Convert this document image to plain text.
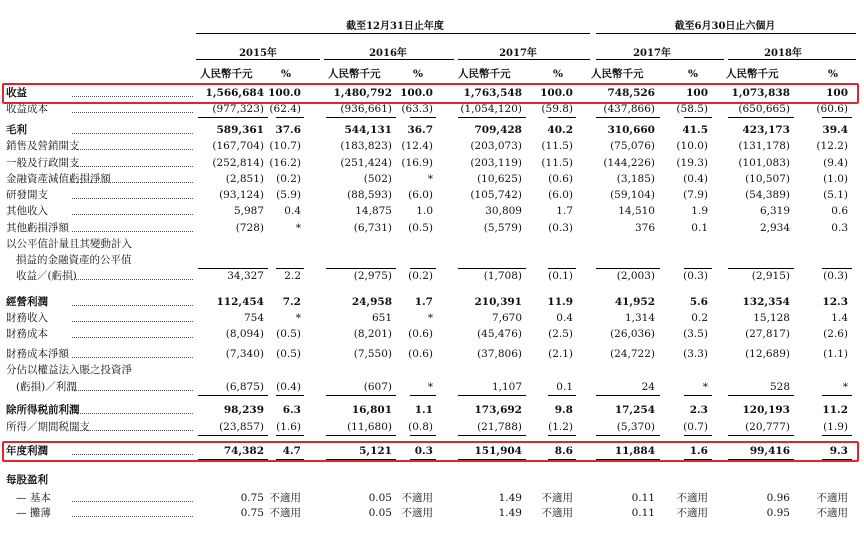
截至12月31日止年度	截至6月30日止六個月
2015年	2016年	2017年	2017年	2018年
人民幣千元	%	人民幣千元	%	人民幣千元	%	人民幣千元	%	人民幣千元	%
收益	1,566,684 100.0	1,480,792 100.0	1,763,548	100.0	748,526	100	1,073,838	100
收益成本	(977,323) (62.4)	(936,661) (63.3)	(1,054,120)	(59.8)	(437,866)	(58.5)	(650,665)	(60.6)
毛利	589,361	37.6	544,131	36.7	709,428	40.2	310,660	41.5	423,173	39.4
銷售及營銷開支	(167,704) (10.7)	(183,823) (12.4)	(203,073)	(11.5)	(75,076)	(10.0)	(131,178)	(12.2)
一般及行政開支	(252,814) (16.2)	(251,424) (16.9)	(203,119)	(11.5)	(144,226)	(19.3)	(101,083)	(9.4)
金融資產減值虧損淨額	(2,851)	(0.2)	(502)	*	(10,625)	(0.6)	(3,185)	(0.4)	(10,507)	(1.0)
研發開支	(93,124)	(5.9)	(88,593)	(6.0)	(105,742)	(6.0)	(59,104)	(7.9)	(54,389)	(5.1)
其他收入	5,987	0.4	14,875	1.0	30,809	1.7	14,510	1.9	6,319	0.6
其他虧損淨額	(728)	*	(6,731)	(0.5)	(5,579)	(0.3)	376	0.1	2,934	0.3
以公平值計量且其變動計入
損益的金融資產的公平值
收益／(虧損)	34,327	2.2	(2,975)	(0.2)	(1,708)	(0.1)	(2,003)	(0.3)	(2,915)	(0.3)
經營利潤	112,454	7.2	24,958	1.7	210,391	11.9	41,952	5.6	132,354	12.3
財務收入	754	*	651	*	7,670	0.4	1,314	0.2	15,128	1.4
財務成本	(8,094)	(0.5)	(8,201)	(0.6)	(45,476)	(2.5)	(26,036)	(3.5)	(27,817)	(2.6)
財務成本淨額	(7,340)	(0.5)	(7,550)	(0.6)	(37,806)	(2.1)	(24,722)	(3.3)	(12,689)	(1.1)
分佔以權益法入賬之投資淨
(虧損)／利潤	(6,875)	(0.4)	(607)	*	1,107	0.1	24	*	528	*
除所得税前利潤	98,239	6.3	16,801	1.1	173,692	9.8	17,254	2.3	120,193	11.2
所得／期間税開支	(23,857)	(1.6)	(11,680)	(0.8)	(21,788)	(1.2)	(5,370)	(0.7)	(20,777)	(1.9)
年度利潤	74,382	4.7	5,121	0.3	151,904	8.6	11,884	1.6	99,416	9.3
每股盈利
— 基本	0.75 不適用	0.05 不適用	1.49	不適用	0.11	不適用	0.96	不適用
— 攤薄	0.75 不適用	0.05 不適用	1.49	不適用	0.11	不適用	0.95	不適用
